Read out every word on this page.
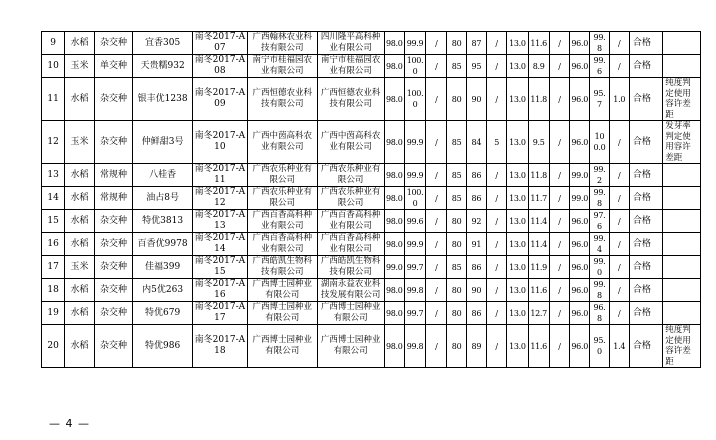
9	水稻	杂交种	宜香305	南冬2017-A07	广西翰林农业科技有限公司	四川隆平高科种业有限公司	98.0	99.9	/	80	87	/	13.0	11.6	/	96.0	99.8	/	合格	
10	玉米	单交种	天贵糯932	南冬2017-A08	南宁市桂福园农业有限公司	南宁市桂福园农业有限公司	98.0	100.0	/	85	95	/	13.0	8.9	/	96.0	99.6	/	合格	
11	水稻	杂交种	银丰优1238	南冬2017-A09	广西恒德农业科技有限公司	广西恒德农业科技有限公司	98.0	100.0	/	80	90	/	13.0	11.8	/	96.0	95.7	1.0	合格	纯度判定使用容许差距
12	玉米	杂交种	仲鲜甜3号	南冬2017-A10	广西中茵高科农业有限公司	广西中茵高科农业有限公司	98.0	99.9	/	85	84	5	13.0	9.5	/	96.0	100.0	/	合格	发芽率判定使用容许差距
13	水稻	常规种	八桂香	南冬2017-A11	广西农乐种业有限公司	广西农乐种业有限公司	98.0	99.9	/	85	86	/	13.0	11.8	/	99.0	99.2	/	合格	
14	水稻	常规种	油占8号	南冬2017-A12	广西农乐种业有限公司	广西农乐种业有限公司	98.0	100.0	/	85	86	/	13.0	11.7	/	99.0	99.8	/	合格	
15	水稻	杂交种	特优3813	南冬2017-A13	广西百香高科种业有限公司	广西百香高科种业有限公司	98.0	99.6	/	80	92	/	13.0	11.4	/	96.0	97.6	/	合格	
16	水稻	杂交种	百香优9978	南冬2017-A14	广西百香高科种业有限公司	广西百香高科种业有限公司	98.0	99.9	/	80	91	/	13.0	11.4	/	96.0	99.4	/	合格	
17	玉米	杂交种	佳福399	南冬2017-A15	广西皓凯生物科技有限公司	广西皓凯生物科技有限公司	99.0	99.7	/	85	86	/	13.0	11.9	/	96.0	99.0	/	合格	
18	水稻	杂交种	内5优263	南冬2017-A16	广西博士园种业有限公司	湖南永益农业科技发展有限公司	98.0	99.8	/	80	90	/	13.0	11.6	/	96.0	99.8	/	合格	
19	水稻	杂交种	特优679	南冬2017-A17	广西博士园种业有限公司	广西博士园种业有限公司	98.0	99.7	/	80	86	/	13.0	12.7	/	96.0	96.8	/	合格	
20	水稻	杂交种	特优986	南冬2017-A18	广西博士园种业有限公司	广西博士园种业有限公司	98.0	99.8	/	80	89	/	13.0	11.6	/	96.0	95.0	1.4	合格	纯度判定使用容许差距
— 4 —
